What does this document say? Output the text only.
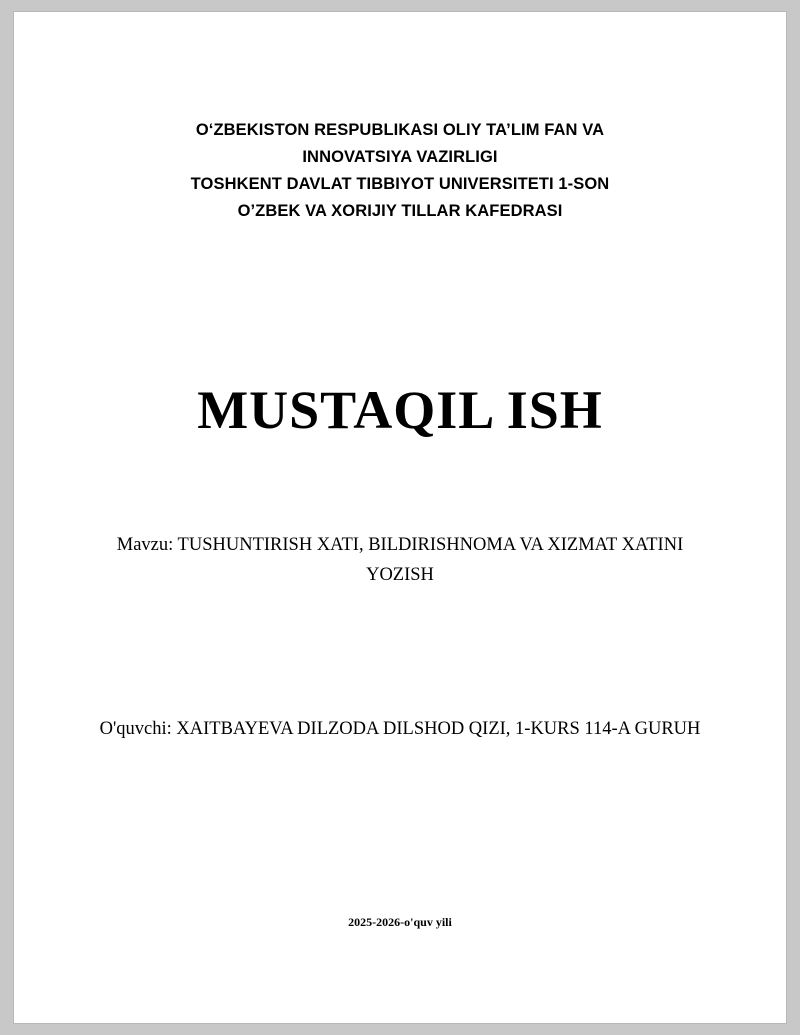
O‘ZBEKISTON RESPUBLIKASI OLIY TA’LIM FAN VA
INNOVATSIYA VAZIRLIGI
TOSHKENT DAVLAT TIBBIYOT UNIVERSITETI 1-SON
O’ZBEK VA XORIJIY TILLAR KAFEDRASI
MUSTAQIL ISH
Mavzu: TUSHUNTIRISH XATI, BILDIRISHNOMA VA XIZMAT XATINI YOZISH
O'quvchi: XAITBAYEVA DILZODA DILSHOD QIZI, 1-KURS 114-A GURUH
2025-2026-o'quv yili
